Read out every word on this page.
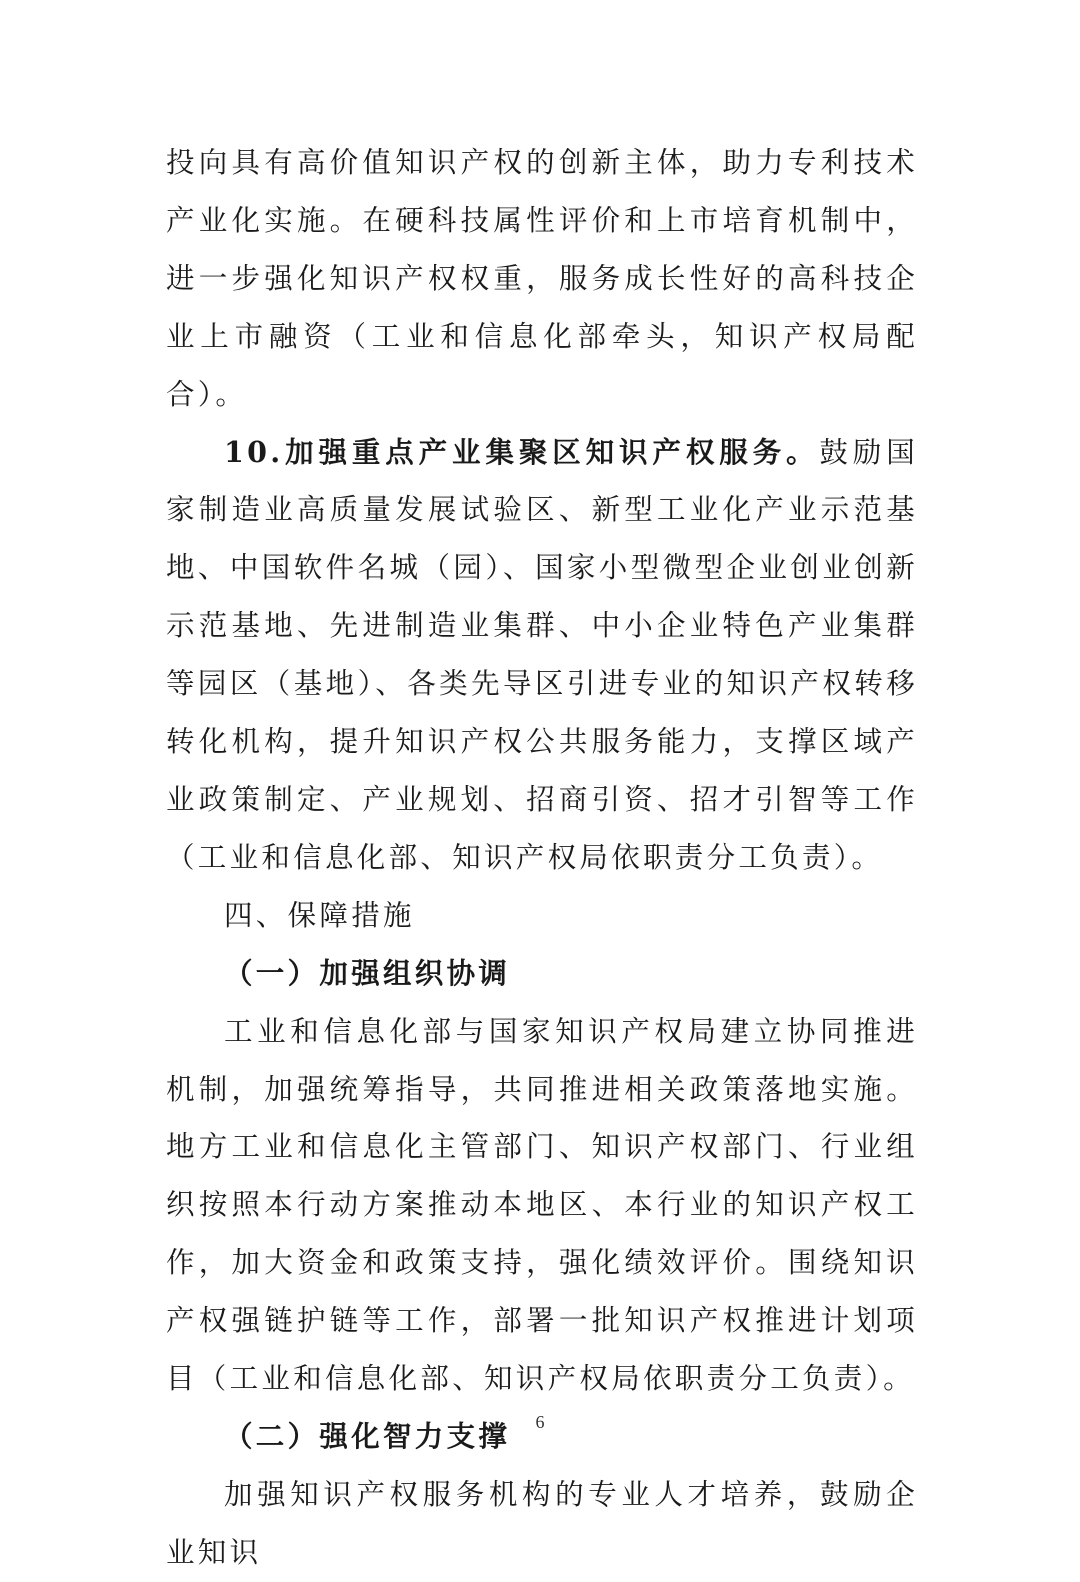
投向具有高价值知识产权的创新主体，助力专利技术产业化实施。在硬科技属性评价和上市培育机制中，进一步强化知识产权权重，服务成长性好的高科技企业上市融资（工业和信息化部牵头，知识产权局配合）。

10.加强重点产业集聚区知识产权服务。鼓励国家制造业高质量发展试验区、新型工业化产业示范基地、中国软件名城（园）、国家小型微型企业创业创新示范基地、先进制造业集群、中小企业特色产业集群等园区（基地）、各类先导区引进专业的知识产权转移转化机构，提升知识产权公共服务能力，支撑区域产业政策制定、产业规划、招商引资、招才引智等工作（工业和信息化部、知识产权局依职责分工负责）。

四、保障措施

（一）加强组织协调

工业和信息化部与国家知识产权局建立协同推进机制，加强统筹指导，共同推进相关政策落地实施。地方工业和信息化主管部门、知识产权部门、行业组织按照本行动方案推动本地区、本行业的知识产权工作，加大资金和政策支持，强化绩效评价。围绕知识产权强链护链等工作，部署一批知识产权推进计划项目（工业和信息化部、知识产权局依职责分工负责）。

（二）强化智力支撑

加强知识产权服务机构的专业人才培养，鼓励企业知识

6
